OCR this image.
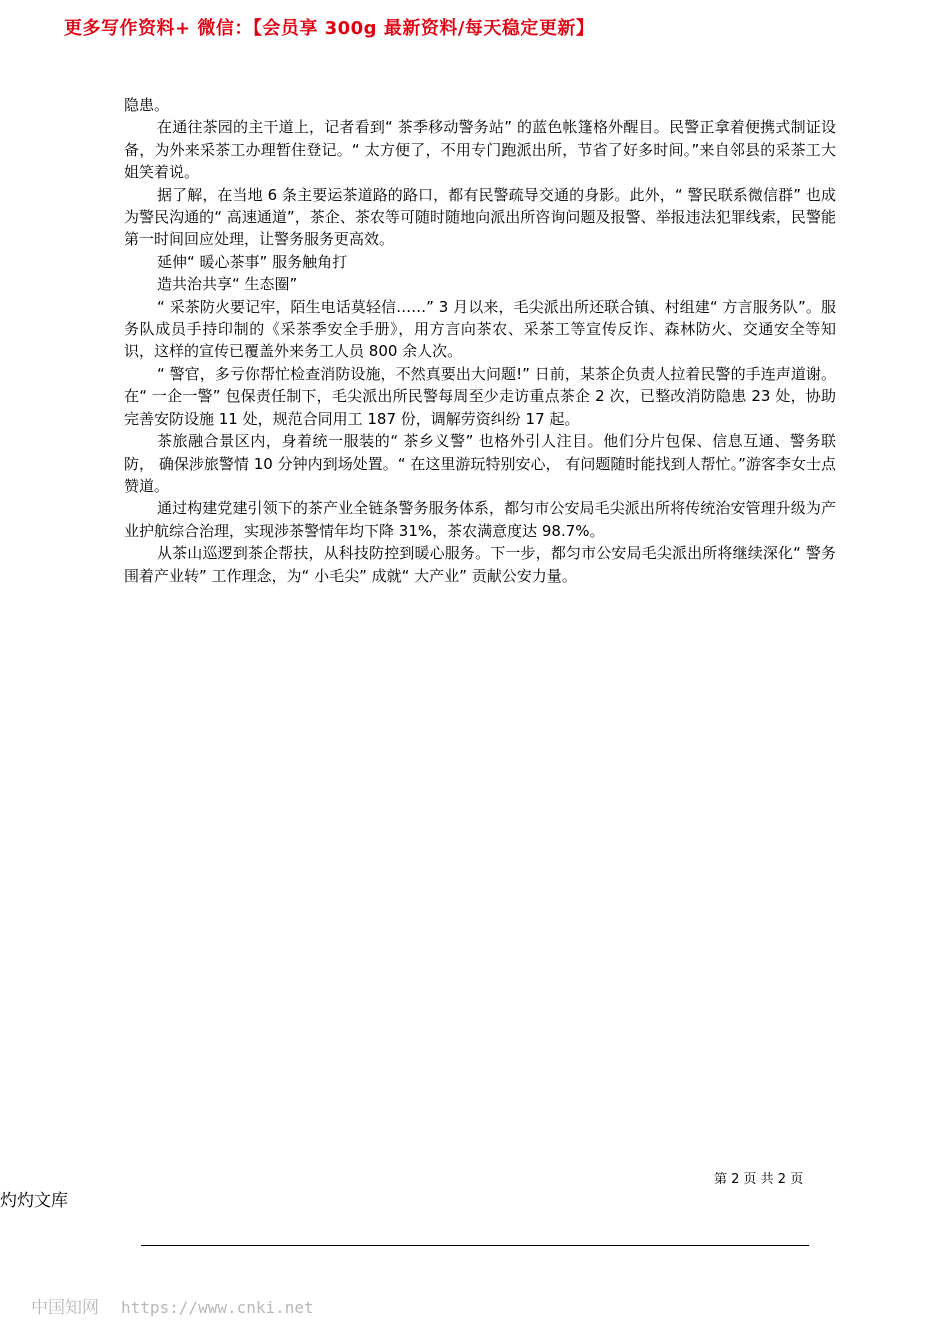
更多写作资料+ 微信：【会员享 300g 最新资料/每天稳定更新】

隐患。

在通往茶园的主干道上，记者看到“ 茶季移动警务站” 的蓝色帐篷格外醒目。民警正拿着便携式制证设备，为外来采茶工办理暂住登记。“ 太方便了，不用专门跑派出所，节省了好多时间。”来自邻县的采茶工大姐笑着说。

据了解，在当地 6 条主要运茶道路的路口，都有民警疏导交通的身影。此外，“ 警民联系微信群” 也成为警民沟通的“ 高速通道”，茶企、茶农等可随时随地向派出所咨询问题及报警、举报违法犯罪线索，民警能第一时间回应处理，让警务服务更高效。

延伸“ 暖心茶事” 服务触角打

造共治共享“ 生态圈”

“ 采茶防火要记牢，陌生电话莫轻信……” 3 月以来，毛尖派出所还联合镇、村组建“ 方言服务队”。服务队成员手持印制的《采茶季安全手册》，用方言向茶农、采茶工等宣传反诈、森林防火、交通安全等知识，这样的宣传已覆盖外来务工人员 800 余人次。

“ 警官，多亏你帮忙检查消防设施，不然真要出大问题!” 日前，某茶企负责人拉着民警的手连声道谢。在“ 一企一警” 包保责任制下，毛尖派出所民警每周至少走访重点茶企 2 次，已整改消防隐患 23 处，协助完善安防设施 11 处，规范合同用工 187 份，调解劳资纠纷 17 起。

茶旅融合景区内，身着统一服装的“ 茶乡义警” 也格外引人注目。他们分片包保、信息互通、警务联防， 确保涉旅警情 10 分钟内到场处置。“ 在这里游玩特别安心， 有问题随时能找到人帮忙。”游客李女士点赞道。

通过构建党建引领下的茶产业全链条警务服务体系，都匀市公安局毛尖派出所将传统治安管理升级为产业护航综合治理，实现涉茶警情年均下降 31%，茶农满意度达 98.7%。

从茶山巡逻到茶企帮扶，从科技防控到暖心服务。下一步，都匀市公安局毛尖派出所将继续深化“ 警务围着产业转” 工作理念，为“ 小毛尖” 成就“ 大产业” 贡献公安力量。

第 2 页 共 2 页
灼灼文库
中国知网 https://www.cnki.net
